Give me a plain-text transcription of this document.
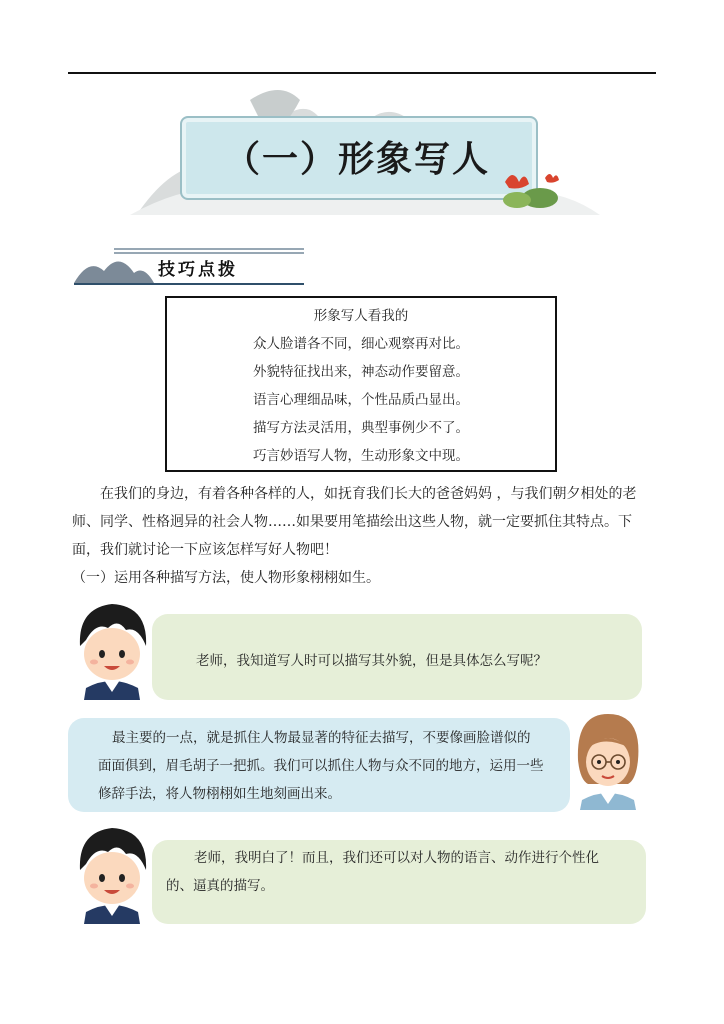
（一）形象写人
技巧点拨
形象写人看我的
众人脸谱各不同，细心观察再对比。
外貌特征找出来，神态动作要留意。
语言心理细品味，个性品质凸显出。
描写方法灵活用，典型事例少不了。
巧言妙语写人物，生动形象文中现。

在我们的身边，有着各种各样的人，如抚育我们长大的爸爸妈妈 ，与我们朝夕相处的老

师、同学、性格迥异的社会人物……如果要用笔描绘出这些人物，就一定要抓住其特点。下

面，我们就讨论一下应该怎样写好人物吧！

（一）运用各种描写方法，使人物形象栩栩如生。

老师，我知道写人时可以描写其外貌，但是具体怎么写呢？
最主要的一点，就是抓住人物最显著的特征去描写，不要像画脸谱似的
面面俱到，眉毛胡子一把抓。我们可以抓住人物与众不同的地方，运用一些
修辞手法，将人物栩栩如生地刻画出来。
老师，我明白了！而且，我们还可以对人物的语言、动作进行个性化
的、逼真的描写。
